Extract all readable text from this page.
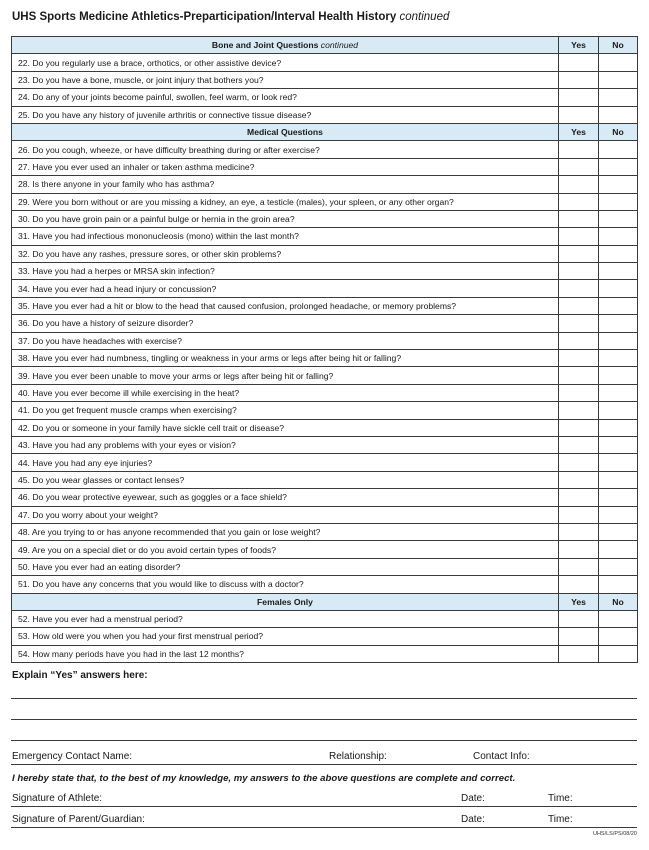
UHS Sports Medicine Athletics-Preparticipation/Interval Health History continued
Bone and Joint Questions continued	Yes	No
22. Do you regularly use a brace, orthotics, or other assistive device?		
23. Do you have a bone, muscle, or joint injury that bothers you?		
24. Do any of your joints become painful, swollen, feel warm, or look red?		
25. Do you have any history of juvenile arthritis or connective tissue disease?		
Medical Questions	Yes	No
26. Do you cough, wheeze, or have difficulty breathing during or after exercise?		
27. Have you ever used an inhaler or taken asthma medicine?		
28. Is there anyone in your family who has asthma?		
29. Were you born without or are you missing a kidney, an eye, a testicle (males), your spleen, or any other organ?		
30. Do you have groin pain or a painful bulge or hernia in the groin area?		
31. Have you had infectious mononucleosis (mono) within the last month?		
32. Do you have any rashes, pressure sores, or other skin problems?		
33. Have you had a herpes or MRSA skin infection?		
34. Have you ever had a head injury or concussion?		
35. Have you ever had a hit or blow to the head that caused confusion, prolonged headache, or memory problems?		
36. Do you have a history of seizure disorder?		
37. Do you have headaches with exercise?		
38. Have you ever had numbness, tingling or weakness in your arms or legs after being hit or falling?		
39. Have you ever been unable to move your arms or legs after being hit or falling?		
40. Have you ever become ill while exercising in the heat?		
41. Do you get frequent muscle cramps when exercising?		
42. Do you or someone in your family have sickle cell trait or disease?		
43. Have you had any problems with your eyes or vision?		
44. Have you had any eye injuries?		
45. Do you wear glasses or contact lenses?		
46. Do you wear protective eyewear, such as goggles or a face shield?		
47. Do you worry about your weight?		
48. Are you trying to or has anyone recommended that you gain or lose weight?		
49. Are you on a special diet or do you avoid certain types of foods?		
50. Have you ever had an eating disorder?		
51. Do you have any concerns that you would like to discuss with a doctor?		
Females Only	Yes	No
52. Have you ever had a menstrual period?		
53. How old were you when you had your first menstrual period?		
54. How many periods have you had in the last 12 months?		
Explain “Yes” answers here:
Emergency Contact Name:	Relationship:	Contact Info:
I hereby state that, to the best of my knowledge, my answers to the above questions are complete and correct.
Signature of Athlete:	Date:	Time:
Signature of Parent/Guardian:	Date:	Time:
UHS/LS/PS/08/20
